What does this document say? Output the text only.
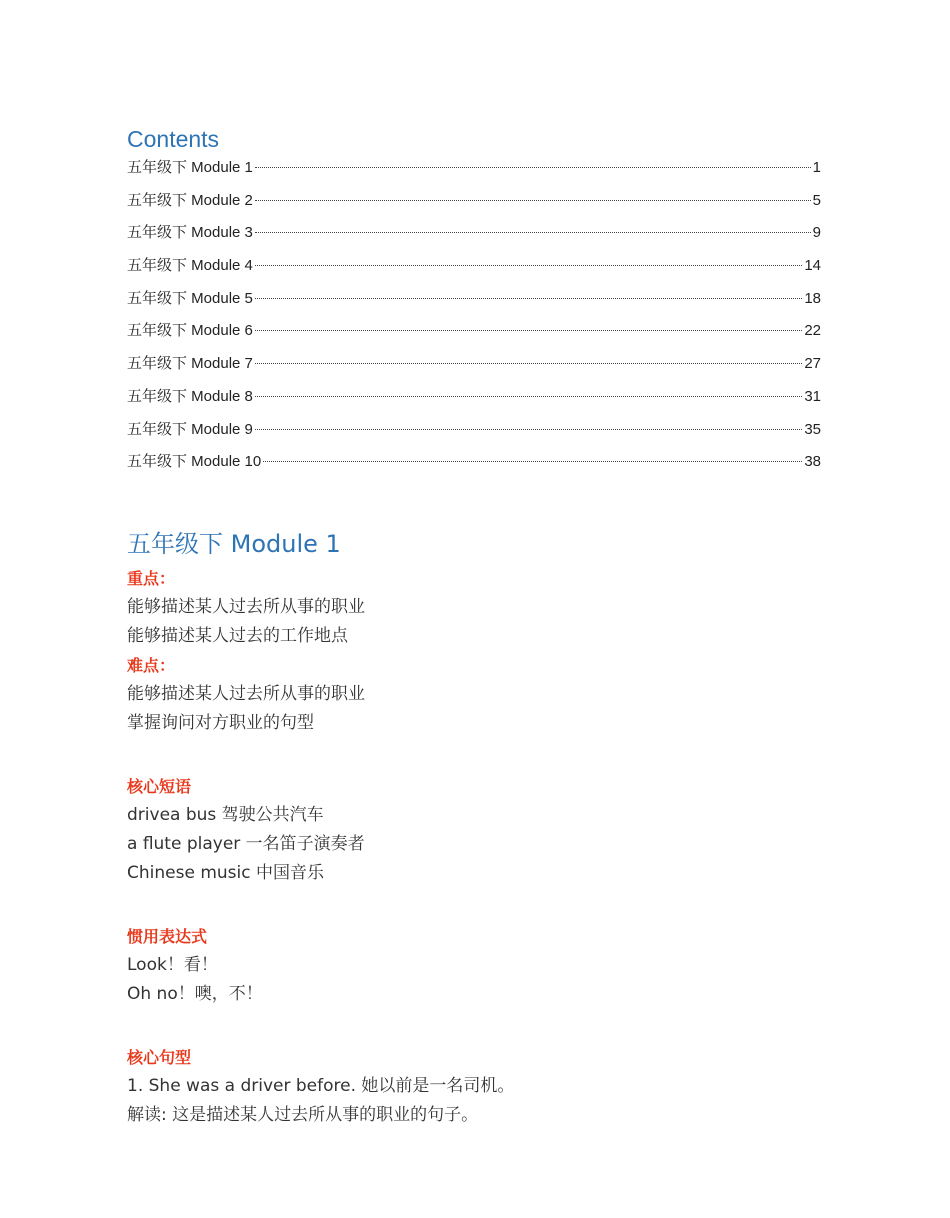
Contents
五年级下 Module 1	1
五年级下 Module 2	5
五年级下 Module 3	9
五年级下 Module 4	14
五年级下 Module 5	18
五年级下 Module 6	22
五年级下 Module 7	27
五年级下 Module 8	31
五年级下 Module 9	35
五年级下 Module 10	38
五年级下 Module 1
重点：
能够描述某人过去所从事的职业
能够描述某人过去的工作地点
难点：
能够描述某人过去所从事的职业
掌握询问对方职业的句型
核心短语
drivea bus 驾驶公共汽车
a flute player 一名笛子演奏者
Chinese music 中国音乐
惯用表达式
Look！看！
Oh no！噢，不！
核心句型
1. She was a driver before. 她以前是一名司机。
解读: 这是描述某人过去所从事的职业的句子。
